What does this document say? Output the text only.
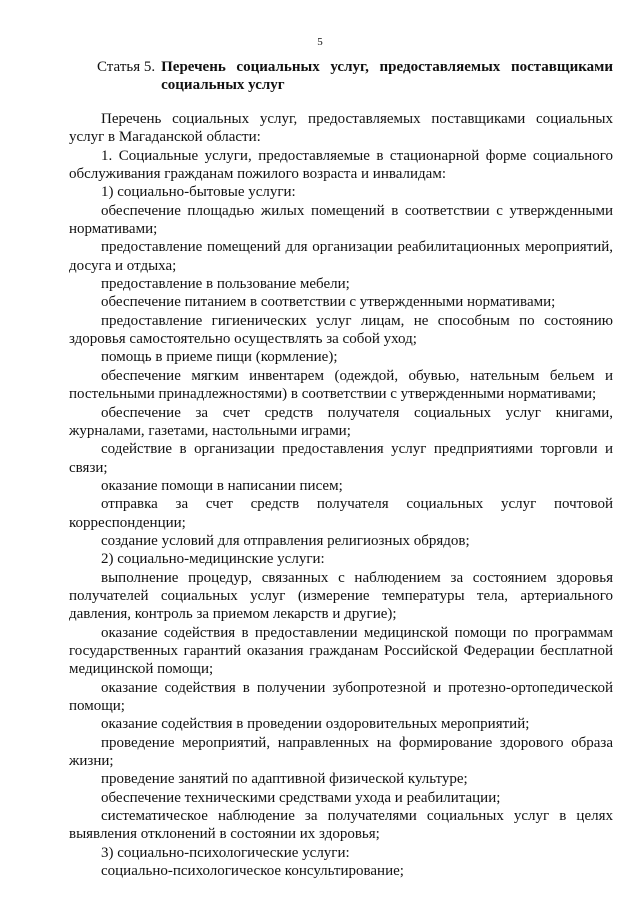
5
Статья 5. Перечень социальных услуг, предоставляемых поставщиками социальных услуг

Перечень социальных услуг, предоставляемых поставщиками социальных услуг в Магаданской области:

1. Социальные услуги, предоставляемые в стационарной форме социального обслуживания гражданам пожилого возраста и инвалидам:

1) социально-бытовые услуги:

обеспечение площадью жилых помещений в соответствии с утвержденными нормативами;

предоставление помещений для организации реабилитационных мероприятий, досуга и отдыха;

предоставление в пользование мебели;

обеспечение питанием в соответствии с утвержденными нормативами;

предоставление гигиенических услуг лицам, не способным по состоянию здоровья самостоятельно осуществлять за собой уход;

помощь в приеме пищи (кормление);

обеспечение мягким инвентарем (одеждой, обувью, нательным бельем и постельными принадлежностями) в соответствии с утвержденными нормативами;

обеспечение за счет средств получателя социальных услуг книгами, журналами, газетами, настольными играми;

содействие в организации предоставления услуг предприятиями торговли и связи;

оказание помощи в написании писем;

отправка за счет средств получателя социальных услуг почтовой корреспонденции;

создание условий для отправления религиозных обрядов;

2) социально-медицинские услуги:

выполнение процедур, связанных с наблюдением за состоянием здоровья получателей социальных услуг (измерение температуры тела, артериального давления, контроль за приемом лекарств и другие);

оказание содействия в предоставлении медицинской помощи по программам государственных гарантий оказания гражданам Российской Федерации бесплатной медицинской помощи;

оказание содействия в получении зубопротезной и протезно-ортопедической помощи;

оказание содействия в проведении оздоровительных мероприятий;

проведение мероприятий, направленных на формирование здорового образа жизни;

проведение занятий по адаптивной физической культуре;

обеспечение техническими средствами ухода и реабилитации;

систематическое наблюдение за получателями социальных услуг в целях выявления отклонений в состоянии их здоровья;

3) социально-психологические услуги:

социально-психологическое консультирование;
